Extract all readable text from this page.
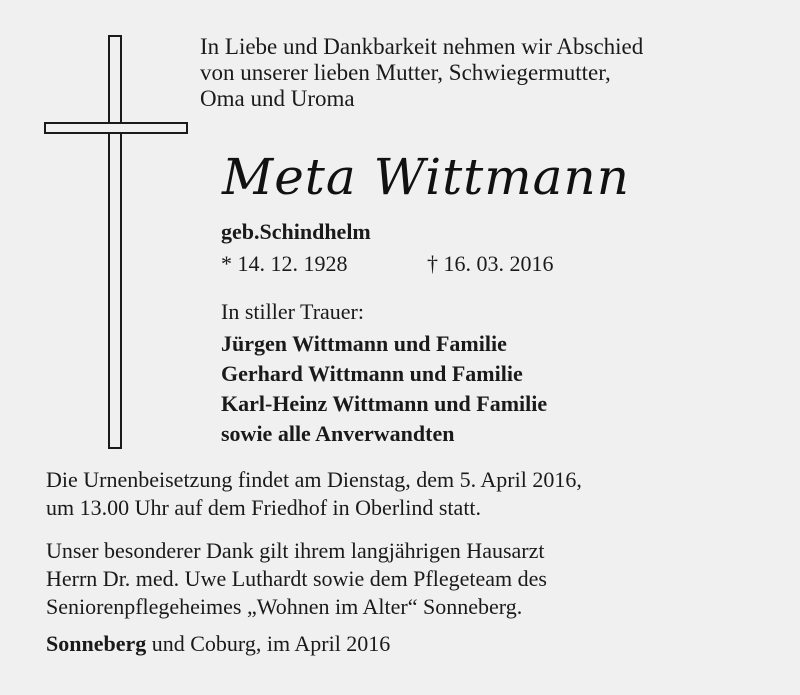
In Liebe und Dankbarkeit nehmen wir Abschied
von unserer lieben Mutter, Schwiegermutter,
Oma und Uroma
Meta Wittmann
geb.Schindhelm
* 14. 12. 1928	† 16. 03. 2016
In stiller Trauer:
Jürgen Wittmann und Familie
Gerhard Wittmann und Familie
Karl-Heinz Wittmann und Familie
sowie alle Anverwandten
Die Urnenbeisetzung findet am Dienstag, dem 5. April 2016,
um 13.00 Uhr auf dem Friedhof in Oberlind statt.
Unser besonderer Dank gilt ihrem langjährigen Hausarzt
Herrn Dr. med. Uwe Luthardt sowie dem Pflegeteam des
Seniorenpflegeheimes „Wohnen im Alter“ Sonneberg.
Sonneberg und Coburg, im April 2016
